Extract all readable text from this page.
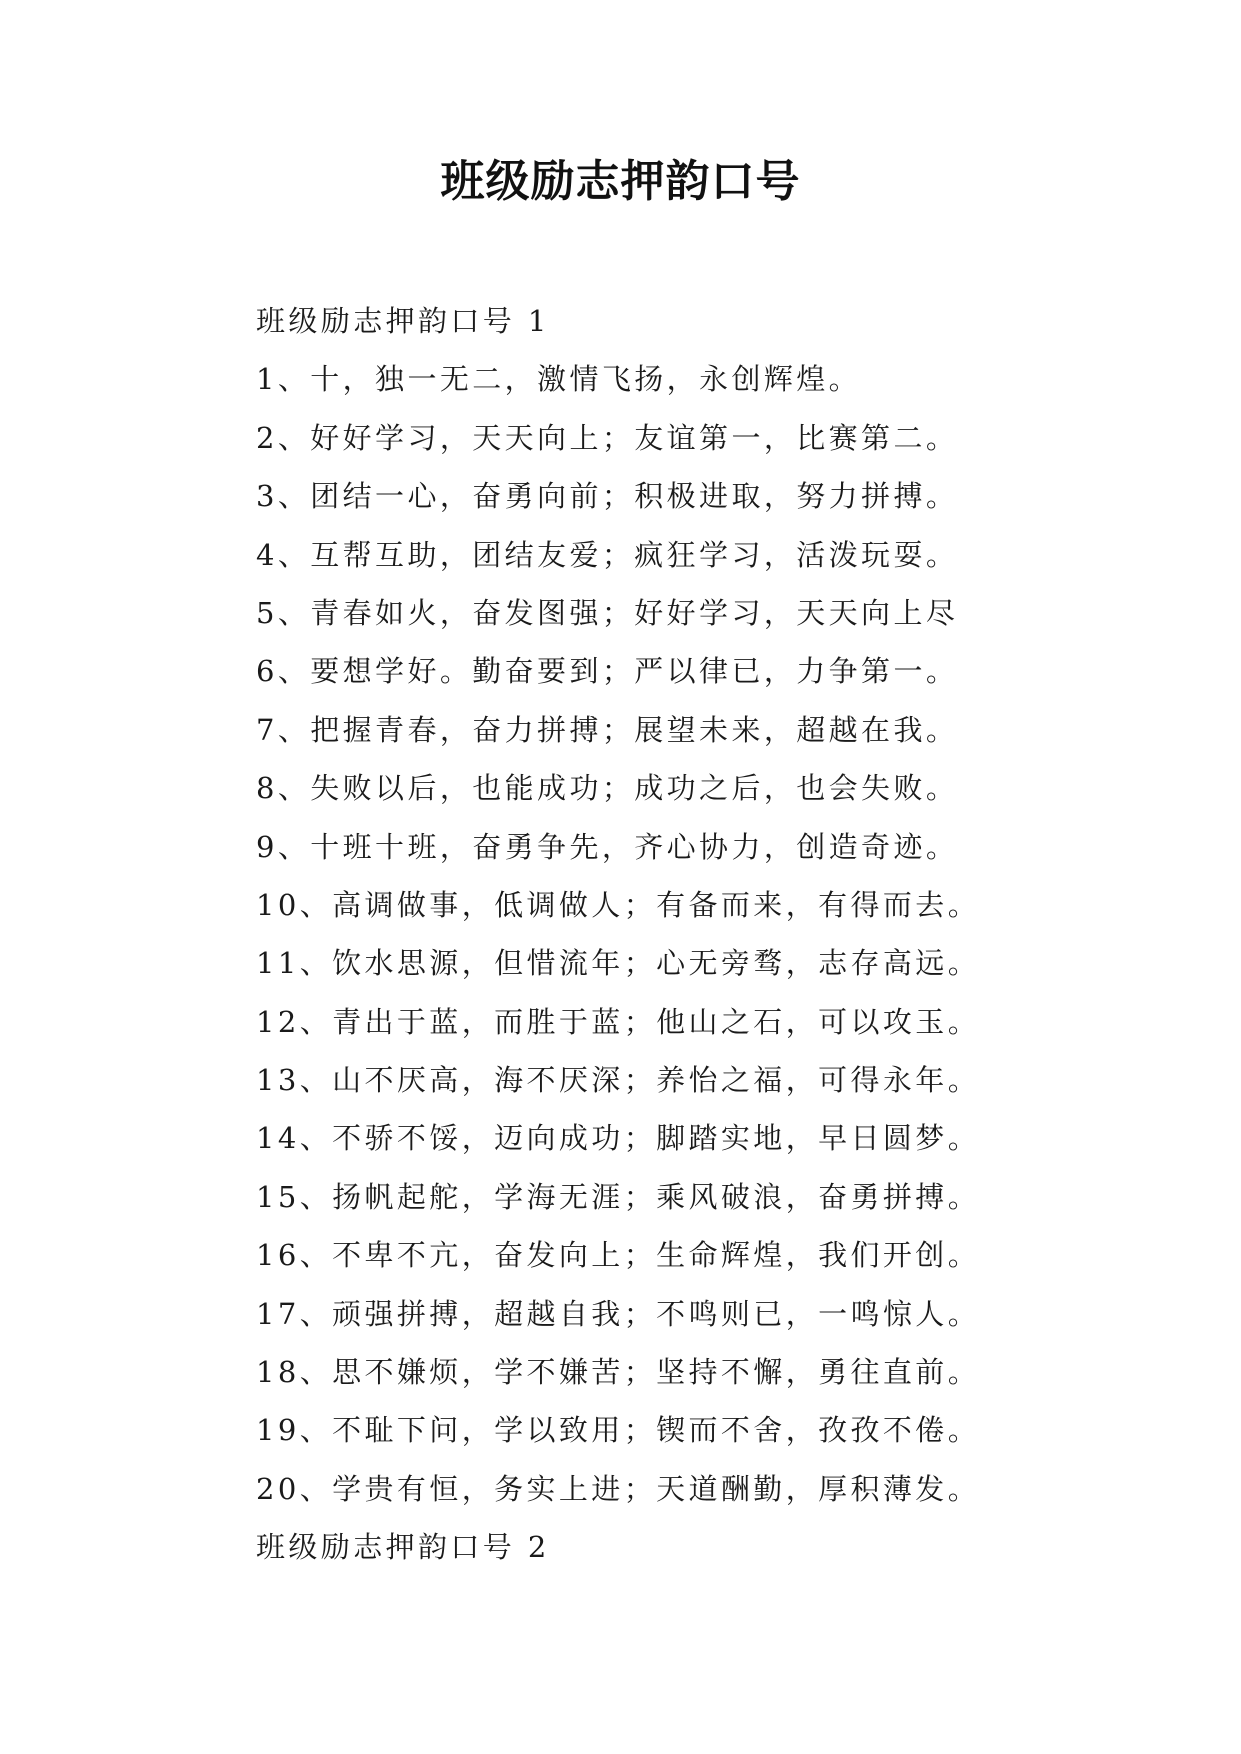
班级励志押韵口号
班级励志押韵口号 1
1、十，独一无二，激情飞扬，永创辉煌。
2、好好学习，天天向上；友谊第一，比赛第二。
3、团结一心，奋勇向前；积极进取，努力拼搏。
4、互帮互助，团结友爱；疯狂学习，活泼玩耍。
5、青春如火，奋发图强；好好学习，天天向上尽
6、要想学好。勤奋要到；严以律已，力争第一。
7、把握青春，奋力拼搏；展望未来，超越在我。
8、失败以后，也能成功；成功之后，也会失败。
9、十班十班，奋勇争先，齐心协力，创造奇迹。
10、高调做事，低调做人；有备而来，有得而去。
11、饮水思源，但惜流年；心无旁骛，志存高远。
12、青出于蓝，而胜于蓝；他山之石，可以攻玉。
13、山不厌高，海不厌深；养怡之福，可得永年。
14、不骄不馁，迈向成功；脚踏实地，早日圆梦。
15、扬帆起舵，学海无涯；乘风破浪，奋勇拼搏。
16、不卑不亢，奋发向上；生命辉煌，我们开创。
17、顽强拼搏，超越自我；不鸣则已，一鸣惊人。
18、思不嫌烦，学不嫌苦；坚持不懈，勇往直前。
19、不耻下问，学以致用；锲而不舍，孜孜不倦。
20、学贵有恒，务实上进；天道酬勤，厚积薄发。
班级励志押韵口号 2
